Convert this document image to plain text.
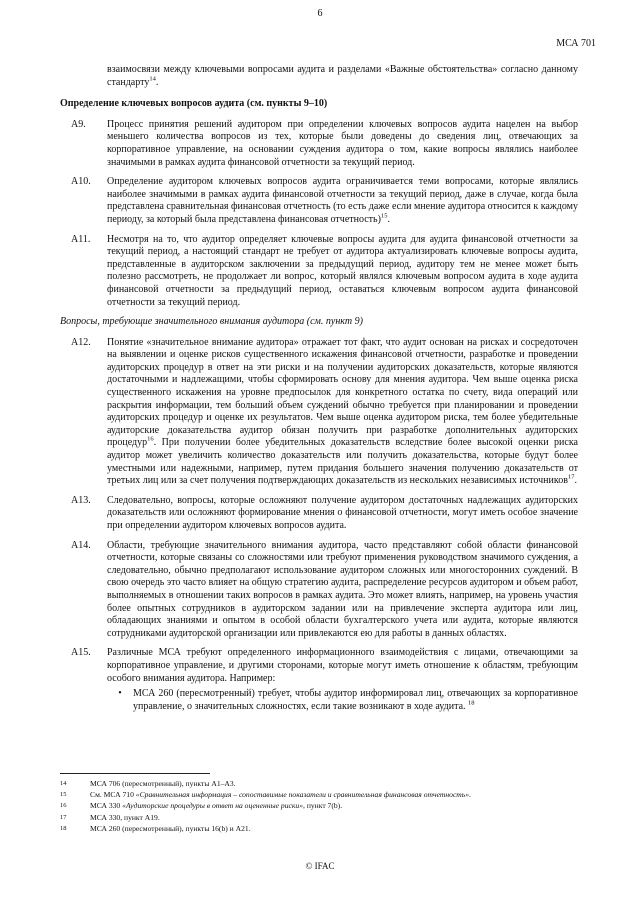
6
МСА 701

взаимосвязи между ключевыми вопросами аудита и разделами «Важные обстоятельства» согласно данному стандарту$^{14}$.

Определение ключевых вопросов аудита (см. пункты 9–10)

A9.	Процесс принятия решений аудитором при определении ключевых вопросов аудита нацелен на выбор меньшего количества вопросов из тех, которые были доведены до сведения лиц, отвечающих за корпоративное управление, на основании суждения аудитора о том, какие вопросы являлись наиболее значимыми в рамках аудита финансовой отчетности за текущий период.
A10.	Определение аудитором ключевых вопросов аудита ограничивается теми вопросами, которые являлись наиболее значимыми в рамках аудита финансовой отчетности за текущий период, даже в случае, когда была представлена сравнительная финансовая отчетность (то есть даже если мнение аудитора относится к каждому периоду, за который была представлена финансовая отчетность)$^{15}$.
A11.	Несмотря на то, что аудитор определяет ключевые вопросы аудита для аудита финансовой отчетности за текущий период, а настоящий стандарт не требует от аудитора актуализировать ключевые вопросы аудита, представленные в аудиторском заключении за предыдущий период, аудитору тем не менее может быть полезно рассмотреть, не продолжает ли вопрос, который являлся ключевым вопросом аудита в ходе аудита финансовой отчетности за предыдущий период, оставаться ключевым вопросом аудита финансовой отчетности за текущий период.

Вопросы, требующие значительного внимания аудитора (см. пункт 9)

A12.	Понятие «значительное внимание аудитора» отражает тот факт, что аудит основан на рисках и сосредоточен на выявлении и оценке рисков существенного искажения финансовой отчетности, разработке и проведении аудиторских процедур в ответ на эти риски и на получении аудиторских доказательств, которые являются достаточными и надлежащими, чтобы сформировать основу для мнения аудитора. Чем выше оценка риска существенного искажения на уровне предпосылок для конкретного остатка по счету, вида операций или раскрытия информации, тем больший объем суждений обычно требуется при планировании и проведении аудиторских процедур и оценке их результатов. Чем выше оценка аудитором риска, тем более убедительные аудиторские доказательства аудитор обязан получить при разработке дополнительных аудиторских процедур$^{16}$. При получении более убедительных доказательств вследствие более высокой оценки риска аудитор может увеличить количество доказательств или получить доказательства, которые будут более уместными или надежными, например, путем придания большего значения получению доказательств от третьих лиц или за счет получения подтверждающих доказательств из нескольких независимых источников$^{17}$.
A13.	Следовательно, вопросы, которые осложняют получение аудитором достаточных надлежащих аудиторских доказательств или осложняют формирование мнения о финансовой отчетности, могут иметь особое значение при определении аудитором ключевых вопросов аудита.
A14.	Области, требующие значительного внимания аудитора, часто представляют собой области финансовой отчетности, которые связаны со сложностями или требуют применения руководством значимого суждения, а следовательно, обычно предполагают использование аудитором сложных или многосторонних суждений. В свою очередь это часто влияет на общую стратегию аудита, распределение ресурсов аудитором и объем работ, выполняемых в отношении таких вопросов в рамках аудита. Это может влиять, например, на уровень участия более опытных сотрудников в аудиторском задании или на привлечение эксперта аудитора или лиц, обладающих знаниями и опытом в особой области бухгалтерского учета или аудита, которые являются сотрудниками аудиторской организации или привлекаются ею для работы в данных областях.
A15.	Различные МСА требуют определенного информационного взаимодействия с лицами, отвечающими за корпоративное управление, и другими сторонами, которые могут иметь отношение к областям, требующим особого внимания аудитора. Например:
•	МСА 260 (пересмотренный) требует, чтобы аудитор информировал лиц, отвечающих за корпоративное управление, о значительных сложностях, если такие возникают в ходе аудита. $^{18}$
14	МСА 706 (пересмотренный), пункты A1–A3.
15	См. МСА 710 «Сравнительная информация – сопоставимые показатели и сравнительная финансовая отчетность».
16	МСА 330 «Аудиторские процедуры в ответ на оцененные риски», пункт 7(b).
17	МСА 330, пункт A19.
18	МСА 260 (пересмотренный), пункты 16(b) и A21.
© IFAC
